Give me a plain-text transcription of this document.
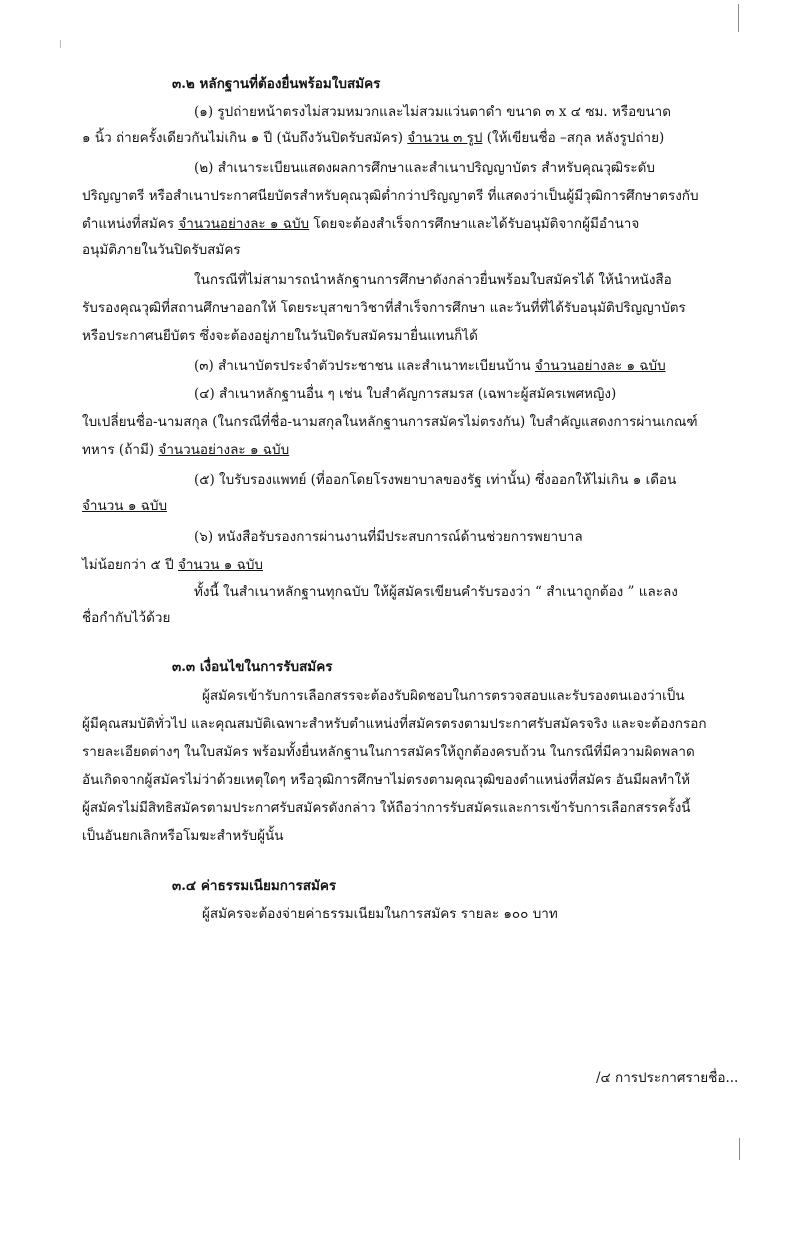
๓.๒ หลักฐานที่ต้องยื่นพร้อมใบสมัคร
(๑) รูปถ่ายหน้าตรงไม่สวมหมวกและไม่สวมแว่นตาดำ ขนาด ๓ x ๔ ซม. หรือขนาด
๑ นิ้ว ถ่ายครั้งเดียวกันไม่เกิน ๑ ปี (นับถึงวันปิดรับสมัคร) จำนวน ๓ รูป (ให้เขียนชื่อ –สกุล หลังรูปถ่าย)
(๒) สำเนาระเบียนแสดงผลการศึกษาและสำเนาปริญญาบัตร สำหรับคุณวุฒิระดับ
ปริญญาตรี หรือสำเนาประกาศนียบัตรสำหรับคุณวุฒิต่ำกว่าปริญญาตรี ที่แสดงว่าเป็นผู้มีวุฒิการศึกษาตรงกับ
ตำแหน่งที่สมัคร จำนวนอย่างละ ๑ ฉบับ โดยจะต้องสำเร็จการศึกษาและได้รับอนุมัติจากผู้มีอำนาจ
อนุมัติภายในวันปิดรับสมัคร
ในกรณีที่ไม่สามารถนำหลักฐานการศึกษาดังกล่าวยื่นพร้อมใบสมัครได้ ให้นำหนังสือ
รับรองคุณวุฒิที่สถานศึกษาออกให้ โดยระบุสาขาวิชาที่สำเร็จการศึกษา และวันที่ที่ได้รับอนุมัติปริญญาบัตร
หรือประกาศนยีบัตร ซึ่งจะต้องอยู่ภายในวันปิดรับสมัครมายื่นแทนก็ได้
(๓) สำเนาบัตรประจำตัวประชาชน และสำเนาทะเบียนบ้าน จำนวนอย่างละ ๑ ฉบับ
(๔) สำเนาหลักฐานอื่น ๆ เช่น ใบสำคัญการสมรส (เฉพาะผู้สมัครเพศหญิง)
ใบเปลี่ยนชื่อ-นามสกุล (ในกรณีที่ชื่อ-นามสกุลในหลักฐานการสมัครไม่ตรงกัน) ใบสำคัญแสดงการผ่านเกณฑ์
ทหาร (ถ้ามี) จำนวนอย่างละ ๑ ฉบับ
(๕) ใบรับรองแพทย์ (ที่ออกโดยโรงพยาบาลของรัฐ เท่านั้น) ซึ่งออกให้ไม่เกิน ๑ เดือน
จำนวน ๑ ฉบับ
(๖) หนังสือรับรองการผ่านงานที่มีประสบการณ์ด้านช่วยการพยาบาล
ไม่น้อยกว่า ๕ ปี จำนวน ๑ ฉบับ
ทั้งนี้ ในสำเนาหลักฐานทุกฉบับ ให้ผู้สมัครเขียนคำรับรองว่า “ สำเนาถูกต้อง ” และลง
ชื่อกำกับไว้ด้วย
๓.๓ เงื่อนไขในการรับสมัคร
ผู้สมัครเข้ารับการเลือกสรรจะต้องรับผิดชอบในการตรวจสอบและรับรองตนเองว่าเป็น
ผู้มีคุณสมบัติทั่วไป และคุณสมบัติเฉพาะสำหรับตำแหน่งที่สมัครตรงตามประกาศรับสมัครจริง และจะต้องกรอก
รายละเอียดต่างๆ ในใบสมัคร พร้อมทั้งยื่นหลักฐานในการสมัครให้ถูกต้องครบถ้วน ในกรณีที่มีความผิดพลาด
อันเกิดจากผู้สมัครไม่ว่าด้วยเหตุใดๆ หรือวุฒิการศึกษาไม่ตรงตามคุณวุฒิของตำแหน่งที่สมัคร อันมีผลทำให้
ผู้สมัครไม่มีสิทธิสมัครตามประกาศรับสมัครดังกล่าว ให้ถือว่าการรับสมัครและการเข้ารับการเลือกสรรครั้งนี้
เป็นอันยกเลิกหรือโมฆะสำหรับผู้นั้น
๓.๔ ค่าธรรมเนียมการสมัคร
ผู้สมัครจะต้องจ่ายค่าธรรมเนียมในการสมัคร รายละ ๑๐๐ บาท
/๔ การประกาศรายชื่อ...
